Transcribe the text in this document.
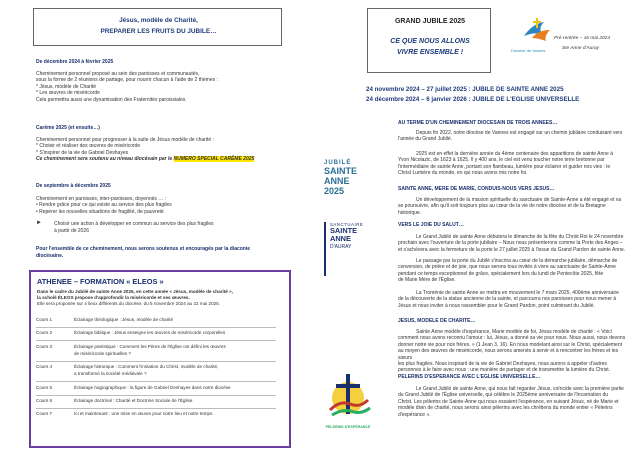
Jésus, modèle de Charité,
PREPARER LES FRUITS DU JUBILE…
De décembre 2024 à février 2025
Cheminement personnel proposé au sein des paroisses et communautés,
sous la forme de 2 réunions de partage, pour nourrir chacun à l'aide de 2 thèmes :
* Jésus, modèle de Charité
* Les œuvres de miséricorde
Cela permettra aussi une dynamisation des Fraternités paroissiales.
Carême 2025 (et ensuite…)
Cheminement personnel pour progresser à la suite de Jésus modèle de charité :
* Choisir et réaliser des œuvres de miséricorde
* S'inspirer de la vie de Gabriel Deshayes
Ce cheminement sera soutenu au niveau diocésain par le NUMERO SPECIAL CARÊME 2025
De septembre à décembre 2025
Cheminement en paroisses, inter-paroisses, doyennés … :
• Rendre grâce pour ce qui existe au service des plus fragiles
• Repérer les nouvelles situations de fragilité, de pauvreté
► Choisir une action à développer en commun au service des plus fragiles
à partir de 2026
Pour l'ensemble de ce cheminement, nous serons soutenus et encouragés par la diaconie
diocésaine.
ATHENEE – FORMATION « ELEOS »
Dans le cadre du Jubilé de sainte Anne 2025, en cette année « Jésus, modèle de charité »,
la scholé ÉLEOS propose d'approfondir la miséricorde et ses œuvres.
Elle sera proposée sur 4 lieux différents du diocèse, du 5 novembre 2024 au 22 mai 2025.
Cours 1	Éclairage théologique : Jésus, modèle de charité
Cours 2	Éclairage biblique : Jésus enseigne les œuvres de miséricorde corporelles
Cours 3	Éclairage patristique : Comment les Pères de l'Église ont défini les œuvres
de miséricorde spirituelles ?
Cours 4	Éclairage historique : Comment l'imitation du Christ, modèle de charité,
a transformé la société médiévale ?
Cours 5	Éclairage hagiographique : la figure de Gabriel Deshayes dans notre diocèse
Cours 6	Éclairage doctrinal : Charité et Doctrine Sociale de l'Église.
Cours 7	Ici et maintenant : une mise en œuvre pour notre lieu et notre temps
GRAND JUBILE 2025
CE QUE NOUS ALLONS
VIVRE ENSEMBLE !	Diocèse de Vannes
Pré-rentrée – 16 mai 2024
Ste Anne d'Auray
24 novembre 2024 – 27 juillet 2025 : JUBILE DE SAINTE ANNE 2025
24 décembre 2024 – 6 janvier 2026 : JUBILE DE L'EGLISE UNIVERSELLE
JUBILÉ
SAINTE
ANNE
2025
SANCTUAIRE
SAINTE
ANNE
D'AURAY
PÈLERINS D'ESPÉRANCE
AU TERME D'UN CHEMINEMENT DIOCESAIN DE TROIS ANNEES…
Depuis fin 2022, notre diocèse de Vannes est engagé sur un chemin jubilaire conduisant vers
l'année du Grand Jubilé.
2025 est en effet la dernière année du 4ème centenaire des apparitions de sainte Anne à
Yvon Nicolazic, de 1623 à 1625. Il y 400 ans, le ciel est venu toucher notre terre bretonne par
l'intermédiaire de sainte Anne, portant son flambeau, lumière pour éclairer et guider nos vies : le
Christ Lumière du monde, en qui nous avons mis notre foi.
SAINTE ANNE, MERE DE MARIE, CONDUIS-NOUS VERS JESUS…
Un développement de la mission spirituelle du sanctuaire de Sainte-Anne a été engagé et va
se poursuivre, afin qu'il soit toujours plus au cœur de la vie de notre diocèse et de la Bretagne
historique.
VERS LE JOIE DU SALUT…
Le Grand Jubilé de sainte Anne débutera le dimanche de la fête du Christ Roi le 24 novembre
prochain avec l'ouverture de la porte jubilaire – Nous nous présenterons comme la Porte des Anges –
et s'achèvera avec la fermeture de la porte le 27 juillet 2025 à l'issue du Grand Pardon de sainte Anne.
Le passage par la porte du Jubilé s'inscrira au cœur de la démarche jubilaire, démarche de
conversion, de prière et de joie, que nous serons tous invités à vivre au sanctuaire de Sainte-Anne
pendant ce temps exceptionnel de grâce, spécialement lors du lundi de Pentecôte 2025, fête
de Marie Mère de l'Église.
La Troménie de sainte Anne se mettra en mouvement le 7 mars 2025, 400ème anniversaire
de la découverte de la statue ancienne de la sainte, et parcourra nos paroisses pour nous mener à
Jésus et nous inviter à nous rassembler pour le Grand Pardon, point culminant du Jubilé.
JESUS, MODELE DE CHARITE…
Sainte Anne modèle d'espérance, Marie modèle de foi, Jésus modèle de charité : « Voici
comment nous avons reconnu l'amour : lui, Jésus, a donné sa vie pour nous. Nous aussi, nous devons
donner notre vie pour nos frères. » (1 Jean 3, 16). En nous modelant ainsi sur le Christ, spécialement
au moyen des œuvres de miséricorde, nous serons amenés à servir et à rencontrer les frères et les sœurs
les plus fragiles. Nous inspirant de la vie de Gabriel Deshayes, nous aurons à appeler d'autres
personnes à le faire avec nous : une manière de partager et de transmettre la lumière du Christ.
PELERINS D'ESPERANCE AVEC L'EGLISE UNIVERSELLE…
Le Grand Jubilé de sainte Anne, qui nous fait regarder Jésus, coïncide avec la première partie
du Grand Jubilé de l'Église universelle, qui célèbre le 2025ème anniversaire de l'Incarnation du
Christ. Les pèlerins de Sainte-Anne qui nous essaient l'espérance, en suivant Jésus, né de Marie et
modèle divin de charité, nous serons ainsi pèlerins avec les chrétiens du monde entier « Pèlerins
d'espérance ».
